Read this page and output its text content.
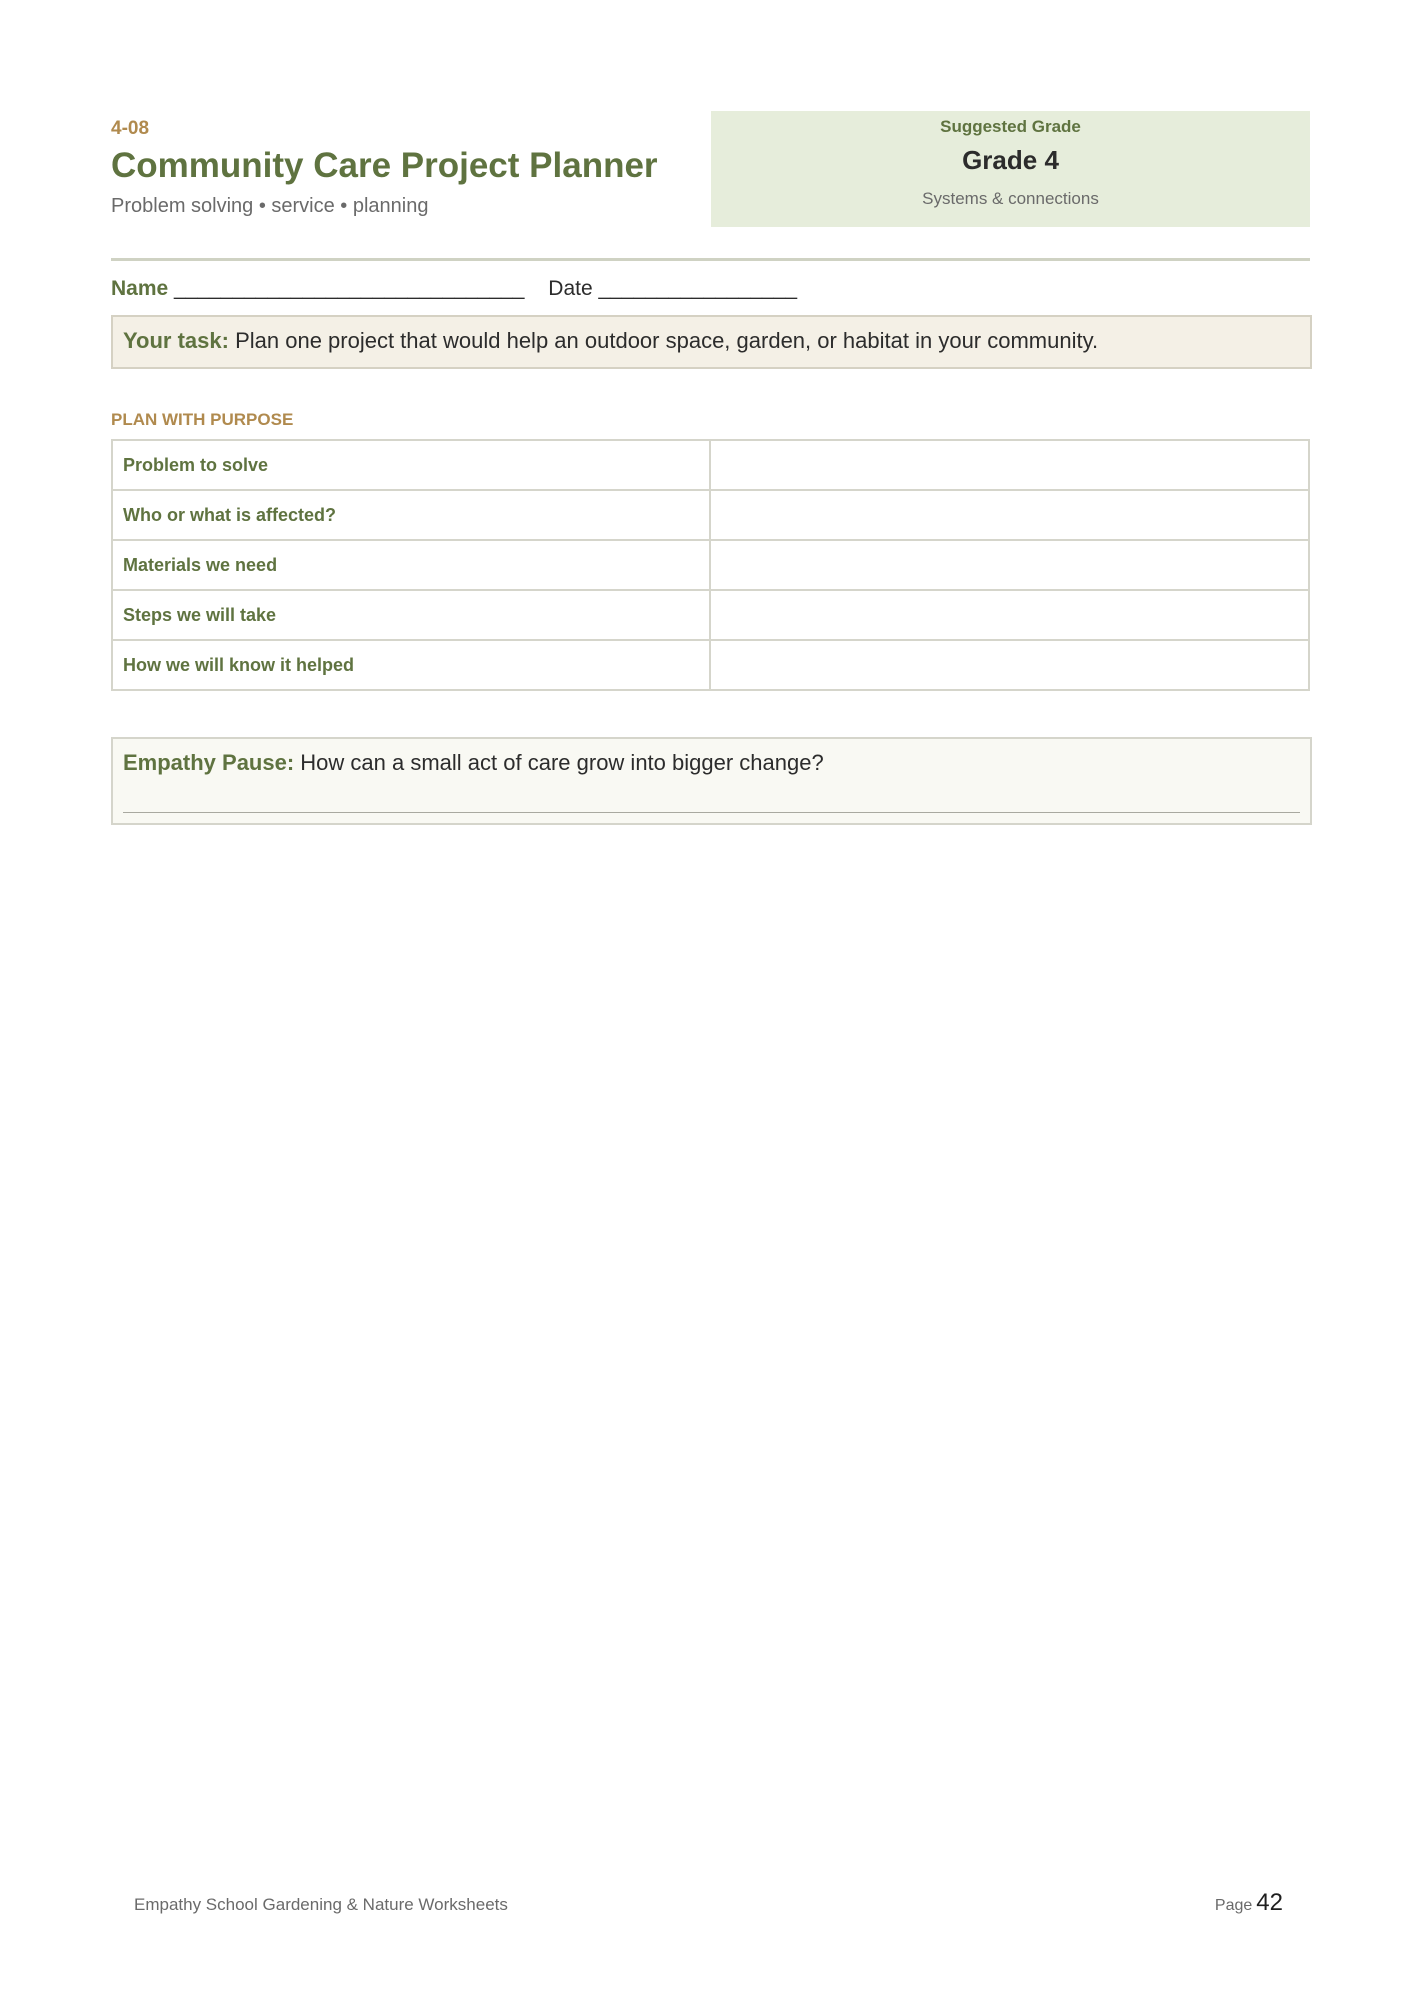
4-08
Community Care Project Planner
Problem solving • service • planning
Suggested Grade
Grade 4
Systems & connections
Name ______________________________ Date _________________
Your task: Plan one project that would help an outdoor space, garden, or habitat in your community.
PLAN WITH PURPOSE
Problem to solve	
Who or what is affected?	
Materials we need	
Steps we will take	
How we will know it helped	
Empathy Pause: How can a small act of care grow into bigger change?
Empathy School Gardening & Nature Worksheets	Page 42
